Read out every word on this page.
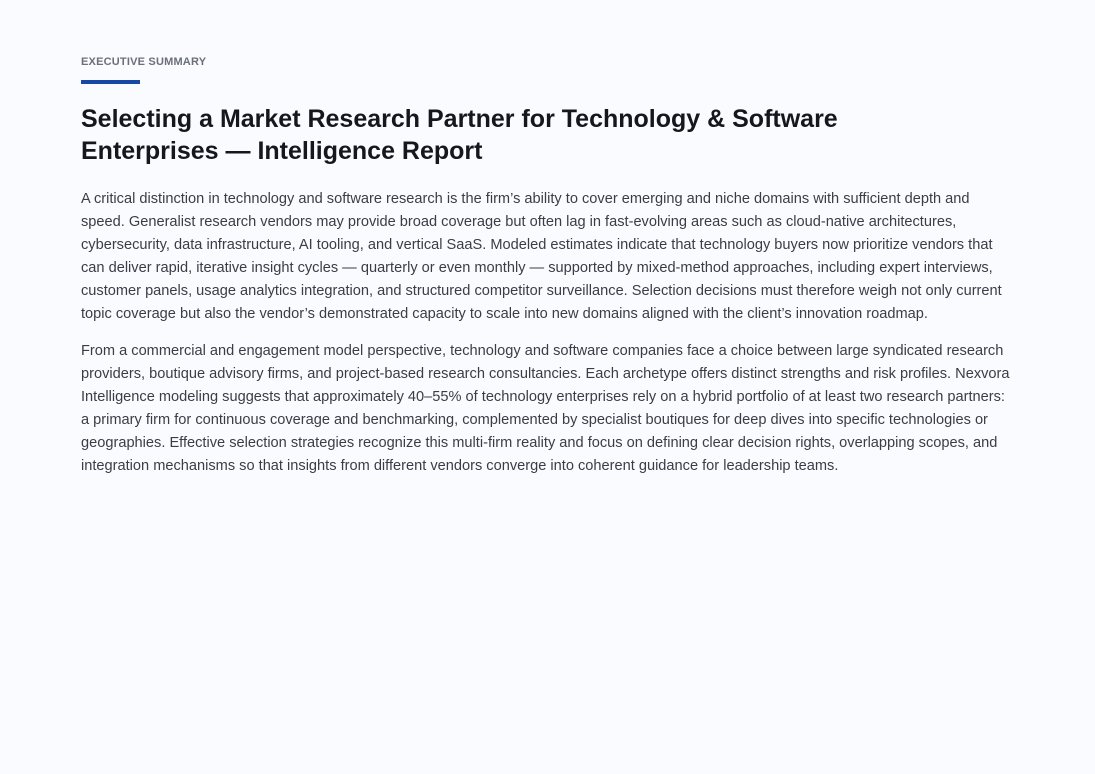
EXECUTIVE SUMMARY
Selecting a Market Research Partner for Technology & Software Enterprises — Intelligence Report

A critical distinction in technology and software research is the firm’s ability to cover emerging and niche domains with sufficient depth and speed. Generalist research vendors may provide broad coverage but often lag in fast-evolving areas such as cloud-native architectures, cybersecurity, data infrastructure, AI tooling, and vertical SaaS. Modeled estimates indicate that technology buyers now prioritize vendors that can deliver rapid, iterative insight cycles — quarterly or even monthly — supported by mixed-method approaches, including expert interviews, customer panels, usage analytics integration, and structured competitor surveillance. Selection decisions must therefore weigh not only current topic coverage but also the vendor’s demonstrated capacity to scale into new domains aligned with the client’s innovation roadmap.

From a commercial and engagement model perspective, technology and software companies face a choice between large syndicated research providers, boutique advisory firms, and project-based research consultancies. Each archetype offers distinct strengths and risk profiles. Nexvora Intelligence modeling suggests that approximately 40–55% of technology enterprises rely on a hybrid portfolio of at least two research partners: a primary firm for continuous coverage and benchmarking, complemented by specialist boutiques for deep dives into specific technologies or geographies. Effective selection strategies recognize this multi-firm reality and focus on defining clear decision rights, overlapping scopes, and integration mechanisms so that insights from different vendors converge into coherent guidance for leadership teams.
